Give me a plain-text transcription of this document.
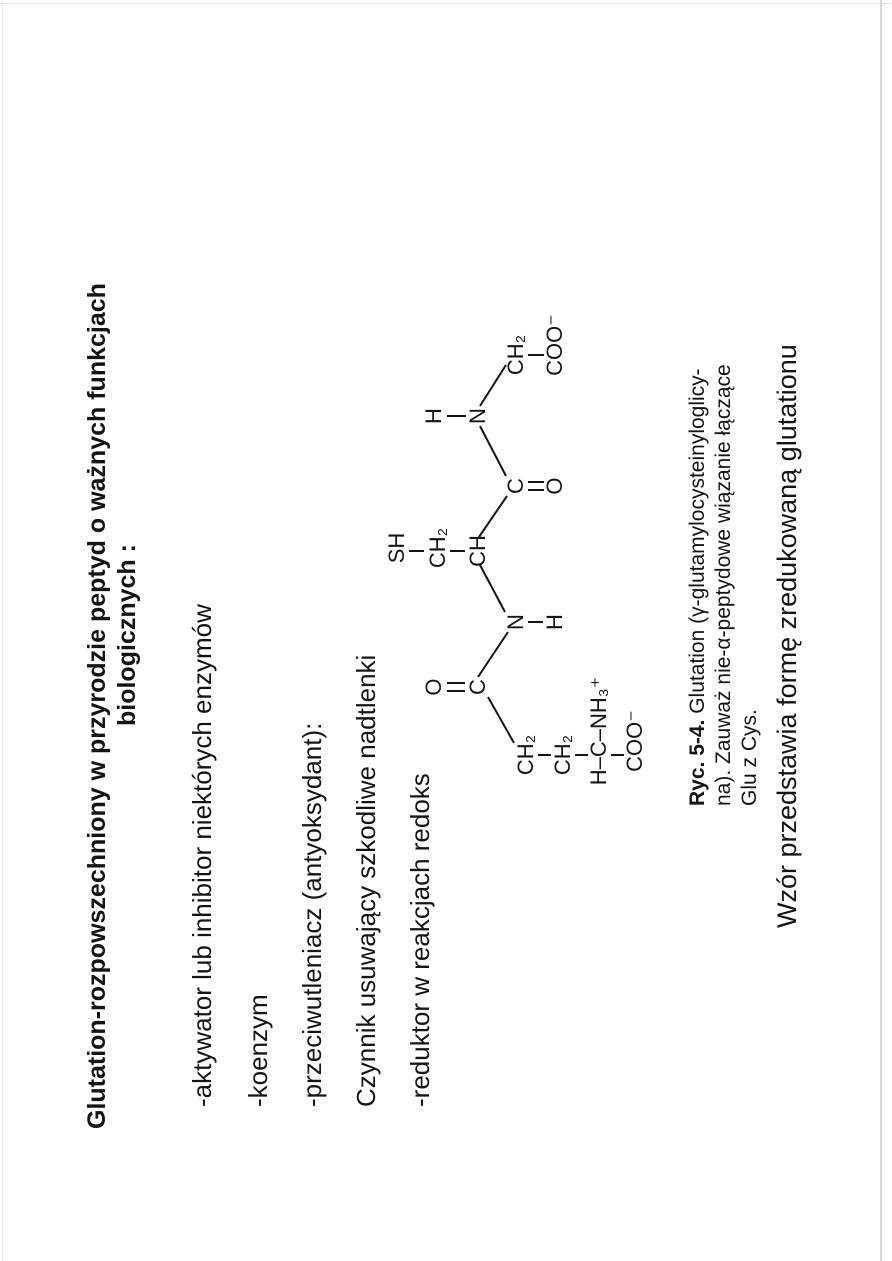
Glutation-rozpowszechniony w przyrodzie peptyd o ważnych funkcjach biologicznych : -aktywator lub inhibitor niektórych enzymów -koenzym -przeciwutleniacz (antyoksydant): Czynnik usuwający szkodliwe nadtlenki -reduktor w reakcjach redoks
CH₂ CH₂ H–C–NH₃⁺ COO⁻
O C
N H
CH
CH₂
SH
C O
H N
CH₂ COO⁻
Ryc. 5-4. Glutation (γ-glutamylocysteinyloglicy- na). Zauważ nie-α-peptydowe wiązanie łączące Glu z Cys. Wzór przedstawia formę zredukowaną glutationu
